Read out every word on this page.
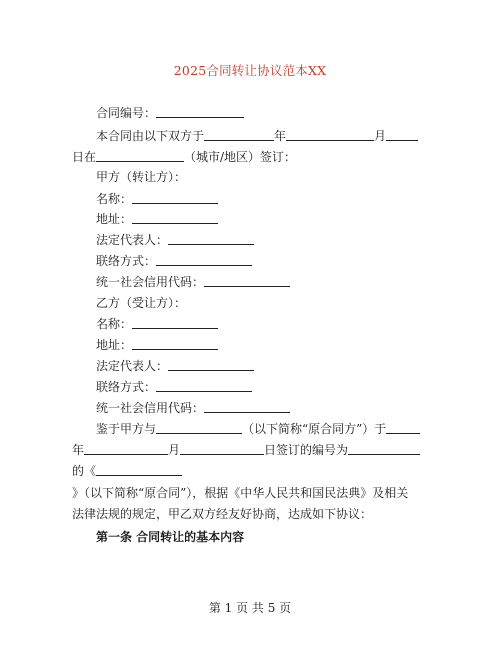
2025合同转让协议范本XX
合同编号：
本合同由以下双方于	年	月
日在	（城市/地区）签订：
甲方（转让方）：
名称：
地址：
法定代表人：
联络方式：
统一社会信用代码：
乙方（受让方）：
名称：
地址：
法定代表人：
联络方式：
统一社会信用代码：
鉴于甲方与	（以下简称“原合同方”）于
年	月	日签订的编号为
的《
》（以下简称“原合同”），根据《中华人民共和国民法典》及相关
法律法规的规定，甲乙双方经友好协商，达成如下协议：
第一条 合同转让的基本内容
第 1 页 共 5 页
